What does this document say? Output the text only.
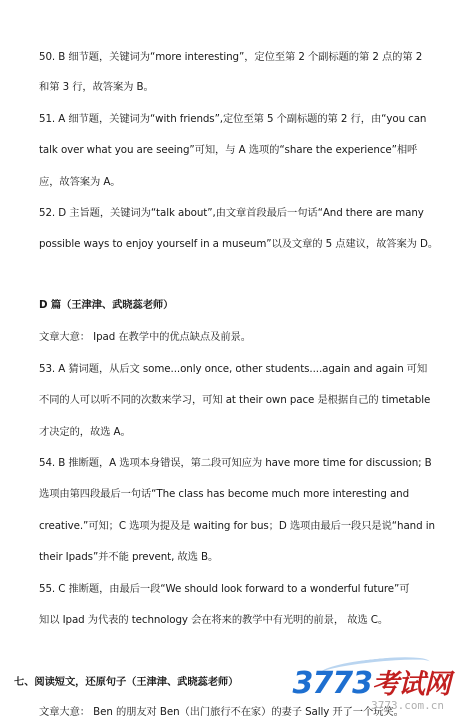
50. B 细节题，关键词为“more interesting”，定位至第 2 个副标题的第 2 点的第 2
和第 3 行，故答案为 B。
51. A 细节题，关键词为“with friends”,定位至第 5 个副标题的第 2 行，由“you can
talk over what you are seeing”可知，与 A 选项的“share the experience”相呼
应，故答案为 A。
52. D 主旨题，关键词为“talk about”,由文章首段最后一句话“And there are many
possible ways to enjoy yourself in a museum”以及文章的 5 点建议，故答案为 D。
D 篇（王津津、武晓蕊老师）
文章大意： Ipad 在教学中的优点缺点及前景。
53. A 猜词题，从后文 some...only once, other students....again and again 可知
不同的人可以听不同的次数来学习，可知 at their own pace 是根据自己的 timetable
才决定的，故选 A。
54. B 推断题，A 选项本身错误，第二段可知应为 have more time for discussion; B
选项由第四段最后一句话“The class has become much more interesting and
creative.”可知；C 选项为提及是 waiting for bus；D 选项由最后一段只是说“hand in
their Ipads”并不能 prevent, 故选 B。
55. C 推断题，由最后一段“We should look forward to a wonderful future”可
知以 Ipad 为代表的 technology 会在将来的教学中有光明的前景， 故选 C。
七、阅读短文，还原句子（王津津、武晓蕊老师）
文章大意： Ben 的朋友对 Ben（出门旅行不在家）的妻子 Sally 开了一个玩笑。
3773考试网
3773.com.cn
